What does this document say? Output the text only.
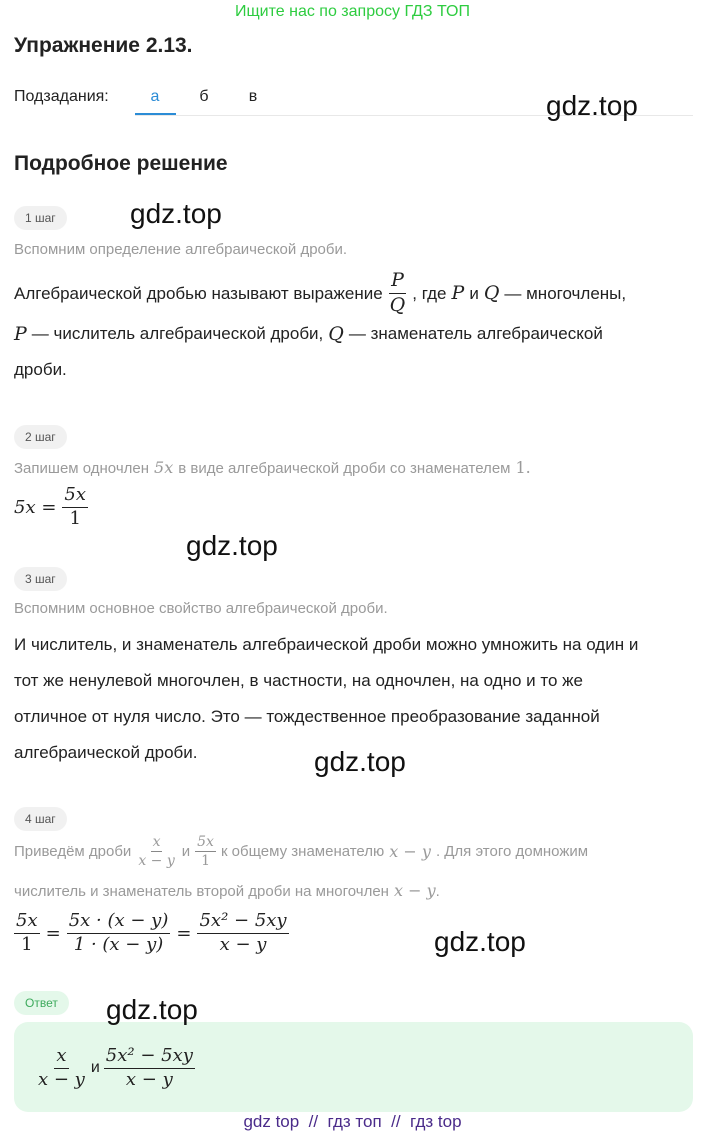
Ищите нас по запросу ГДЗ ТОП
Упражнение 2.13.
Подзадания:	а	б	в	gdz.top
Подробное решение
1 шаг	gdz.top
Вспомним определение алгебраической дроби.
Алгебраической дробью называют выражение $\frac{P}{Q}$ , где P и Q — многочлены,
P — числитель алгебраической дроби, Q — знаменатель алгебраической
дроби.
2 шаг
Запишем одночлен 5x в виде алгебраической дроби со знаменателем 1.
$5x = \frac{5x}{1}$
gdz.top
3 шаг
Вспомним основное свойство алгебраической дроби.
И числитель, и знаменатель алгебраической дроби можно умножить на один и
тот же ненулевой многочлен, в частности, на одночлен, на одно и то же
отличное от нуля число. Это — тождественное преобразование заданной
алгебраической дроби.	gdz.top
4 шаг
Приведём дроби $\frac{x}{x - y}$ и $\frac{5x}{1}$ к общему знаменателю x − y . Для этого домножим
числитель и знаменатель второй дроби на многочлен x − y .
$\frac{5x}{1} = \frac{5x \cdot (x - y)}{1 \cdot (x - y)} = \frac{\text{5x² − 5xy}}{x - y}$	gdz.top
Ответ	gdz.top
$\frac{x}{x - y}$ и $\frac{\text{5x² − 5xy}}{x - y}$
gdz top  //  гдз топ  //  гдз top
